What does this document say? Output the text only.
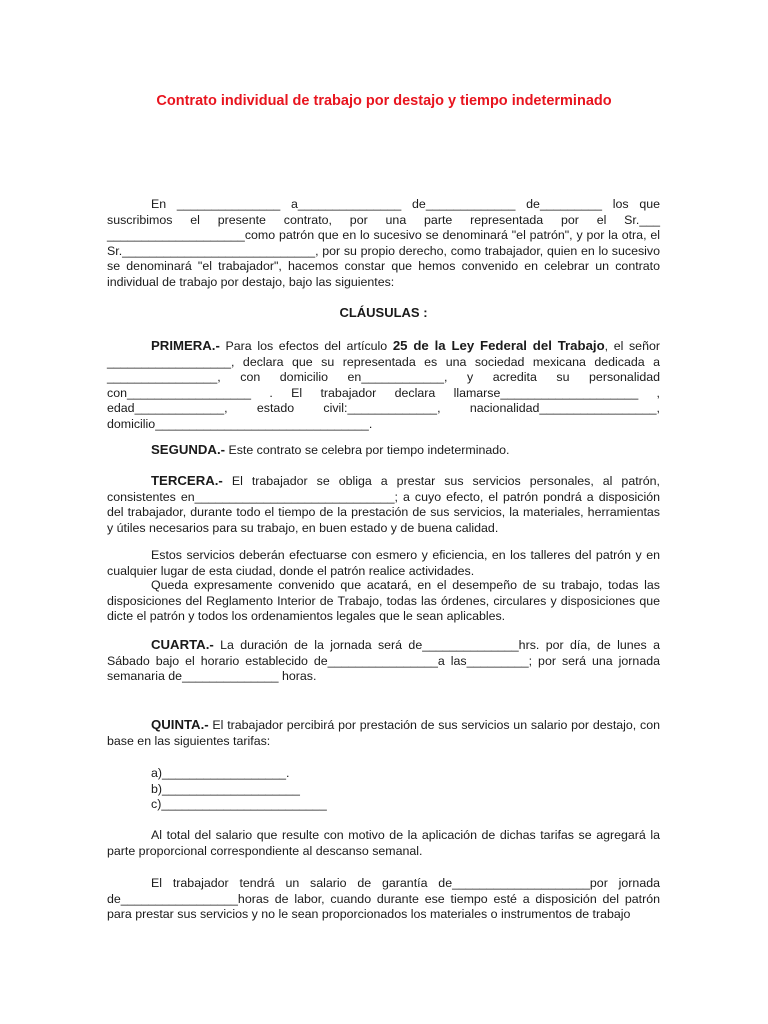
Contrato individual de trabajo por destajo y tiempo indeterminado
En _______________ a_______________ de_____________ de_________ los que suscribimos el presente contrato, por una parte representada por el Sr.___ ____________________como patrón que en lo sucesivo se denominará "el patrón", y por la otra, el Sr.____________________________, por su propio derecho, como trabajador, quien en lo sucesivo se denominará "el trabajador", hacemos constar que hemos convenido en celebrar un contrato individual de trabajo por destajo, bajo las siguientes:
CLÁUSULAS :
PRIMERA.- Para los efectos del artículo 25 de la Ley Federal del Trabajo, el señor __________________, declara que su representada es una sociedad mexicana dedicada a ________________, con domicilio en____________, y acredita su personalidad con__________________ . El trabajador declara llamarse____________________ , edad_____________, estado civil:_____________, nacionalidad_________________, domicilio_______________________________.
SEGUNDA.- Este contrato se celebra por tiempo indeterminado.
TERCERA.- El trabajador se obliga a prestar sus servicios personales, al patrón, consistentes en_____________________________; a cuyo efecto, el patrón pondrá a disposición del trabajador, durante todo el tiempo de la prestación de sus servicios, la materiales, herramientas y útiles necesarios para su trabajo, en buen estado y de buena calidad.
Estos servicios deberán efectuarse con esmero y eficiencia, en los talleres del patrón y en cualquier lugar de esta ciudad, donde el patrón realice actividades.
Queda expresamente convenido que acatará, en el desempeño de su trabajo, todas las disposiciones del Reglamento Interior de Trabajo, todas las órdenes, circulares y disposiciones que dicte el patrón y todos los ordenamientos legales que le sean aplicables.
CUARTA.- La duración de la jornada será de______________hrs. por día, de lunes a Sábado bajo el horario establecido de________________a las_________; por será una jornada semanaria de______________ horas.
QUINTA.- El trabajador percibirá por prestación de sus servicios un salario por destajo, con base en las siguientes tarifas:
a)__________________.
b)____________________
c)________________________
Al total del salario que resulte con motivo de la aplicación de dichas tarifas se agregará la parte proporcional correspondiente al descanso semanal.
El trabajador tendrá un salario de garantía de____________________por jornada de_________________horas de labor, cuando durante ese tiempo esté a disposición del patrón para prestar sus servicios y no le sean proporcionados los materiales o instrumentos de trabajo
